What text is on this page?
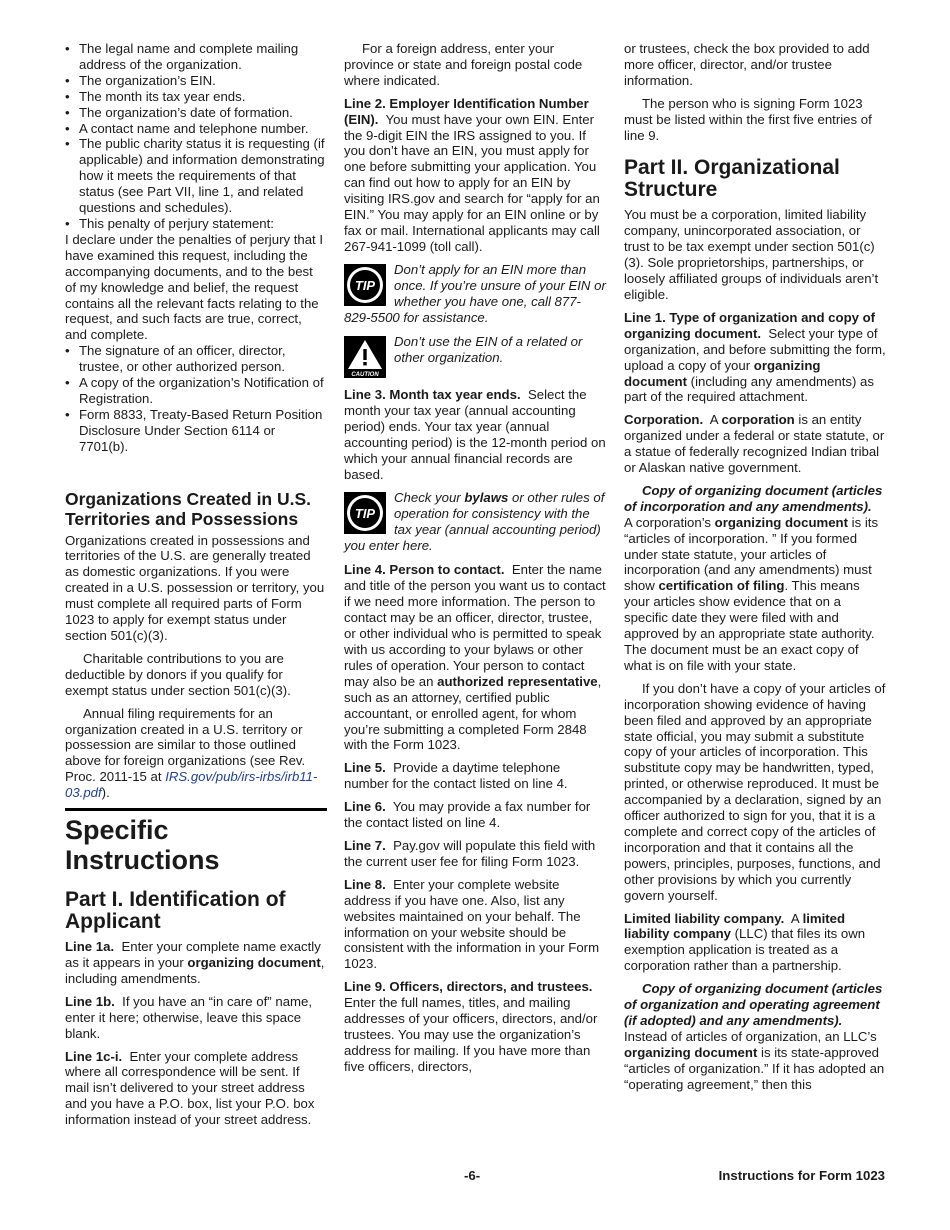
• The legal name and complete mailing address of the organization.

• The organization’s EIN.

• The month its tax year ends.

• The organization’s date of formation.

• A contact name and telephone number.

• The public charity status it is requesting (if applicable) and information demonstrating how it meets the requirements of that status (see Part VII, line 1, and related questions and schedules).

• This penalty of perjury statement:

I declare under the penalties of perjury that I have examined this request, including the accompanying documents, and to the best of my knowledge and belief, the request contains all the relevant facts relating to the request, and such facts are true, correct, and complete.

• The signature of an officer, director, trustee, or other authorized person.

• A copy of the organization’s Notification of Registration.

• Form 8833, Treaty-Based Return Position Disclosure Under Section 6114 or 7701(b).

Organizations Created in U.S. Territories and Possessions

Organizations created in possessions and territories of the U.S. are generally treated as domestic organizations. If you were created in a U.S. possession or territory, you must complete all required parts of Form 1023 to apply for exempt status under section 501(c)(3).

Charitable contributions to you are deductible by donors if you qualify for exempt status under section 501(c)(3).

Annual filing requirements for an organization created in a U.S. territory or possession are similar to those outlined above for foreign organizations (see Rev. Proc. 2011-15 at IRS.gov/pub/irs-irbs/irb11-03.pdf).

Specific Instructions
Part I. Identification of Applicant

Line 1a. Enter your complete name exactly as it appears in your organizing document, including amendments.

Line 1b. If you have an “in care of” name, enter it here; otherwise, leave this space blank.

Line 1c-i. Enter your complete address where all correspondence will be sent. If mail isn’t delivered to your street address and you have a P.O. box, list your P.O. box information instead of your street address.

For a foreign address, enter your province or state and foreign postal code where indicated.

Line 2. Employer Identification Number (EIN). You must have your own EIN. Enter the 9-digit EIN the IRS assigned to you. If you don’t have an EIN, you must apply for one before submitting your application. You can find out how to apply for an EIN by visiting IRS.gov and search for “apply for an EIN.” You may apply for an EIN online or by fax or mail. International applicants may call 267-941-1099 (toll call).

TIP
Don’t apply for an EIN more than once. If you’re unsure of your EIN or whether you have one, call 877-829-5500 for assistance.
CAUTION
Don’t use the EIN of a related or other organization.

Line 3. Month tax year ends. Select the month your tax year (annual accounting period) ends. Your tax year (annual accounting period) is the 12-month period on which your annual financial records are based.

TIP
Check your bylaws or other rules of operation for consistency with the tax year (annual accounting period) you enter here.

Line 4. Person to contact. Enter the name and title of the person you want us to contact if we need more information. The person to contact may be an officer, director, trustee, or other individual who is permitted to speak with us according to your bylaws or other rules of operation. Your person to contact may also be an authorized representative, such as an attorney, certified public accountant, or enrolled agent, for whom you’re submitting a completed Form 2848 with the Form 1023.

Line 5. Provide a daytime telephone number for the contact listed on line 4.

Line 6. You may provide a fax number for the contact listed on line 4.

Line 7. Pay.gov will populate this field with the current user fee for filing Form 1023.

Line 8. Enter your complete website address if you have one. Also, list any websites maintained on your behalf. The information on your website should be consistent with the information in your Form 1023.

Line 9. Officers, directors, and trustees.  Enter the full names, titles, and mailing addresses of your officers, directors, and/or trustees. You may use the organization’s address for mailing. If you have more than five officers, directors,

or trustees, check the box provided to add more officer, director, and/or trustee information.

The person who is signing Form 1023 must be listed within the first five entries of line 9.

Part II. Organizational Structure

You must be a corporation, limited liability company, unincorporated association, or trust to be tax exempt under section 501(c)(3). Sole proprietorships, partnerships, or loosely affiliated groups of individuals aren’t eligible.

Line 1. Type of organization and copy of organizing document. Select your type of organization, and before submitting the form, upload a copy of your organizing document (including any amendments) as part of the required attachment.

Corporation. A corporation is an entity organized under a federal or state statute, or a statue of federally recognized Indian tribal or Alaskan native government.

Copy of organizing document (articles of incorporation and any amendments).  A corporation’s organizing document is its “articles of incorporation. ” If you formed under state statute, your articles of incorporation (and any amendments) must show certification of filing. This means your articles show evidence that on a specific date they were filed with and approved by an appropriate state authority. The document must be an exact copy of what is on file with your state.

If you don’t have a copy of your articles of incorporation showing evidence of having been filed and approved by an appropriate state official, you may submit a substitute copy of your articles of incorporation. This substitute copy may be handwritten, typed, printed, or otherwise reproduced. It must be accompanied by a declaration, signed by an officer authorized to sign for you, that it is a complete and correct copy of the articles of incorporation and that it contains all the powers, principles, purposes, functions, and other provisions by which you currently govern yourself.

Limited liability company. A limited liability company (LLC) that files its own exemption application is treated as a corporation rather than a partnership.

Copy of organizing document (articles of organization and operating agreement (if adopted) and any amendments).  Instead of articles of organization, an LLC’s organizing document is its state-approved “articles of organization.” If it has adopted an “operating agreement,” then this

-6-	Instructions for Form 1023
